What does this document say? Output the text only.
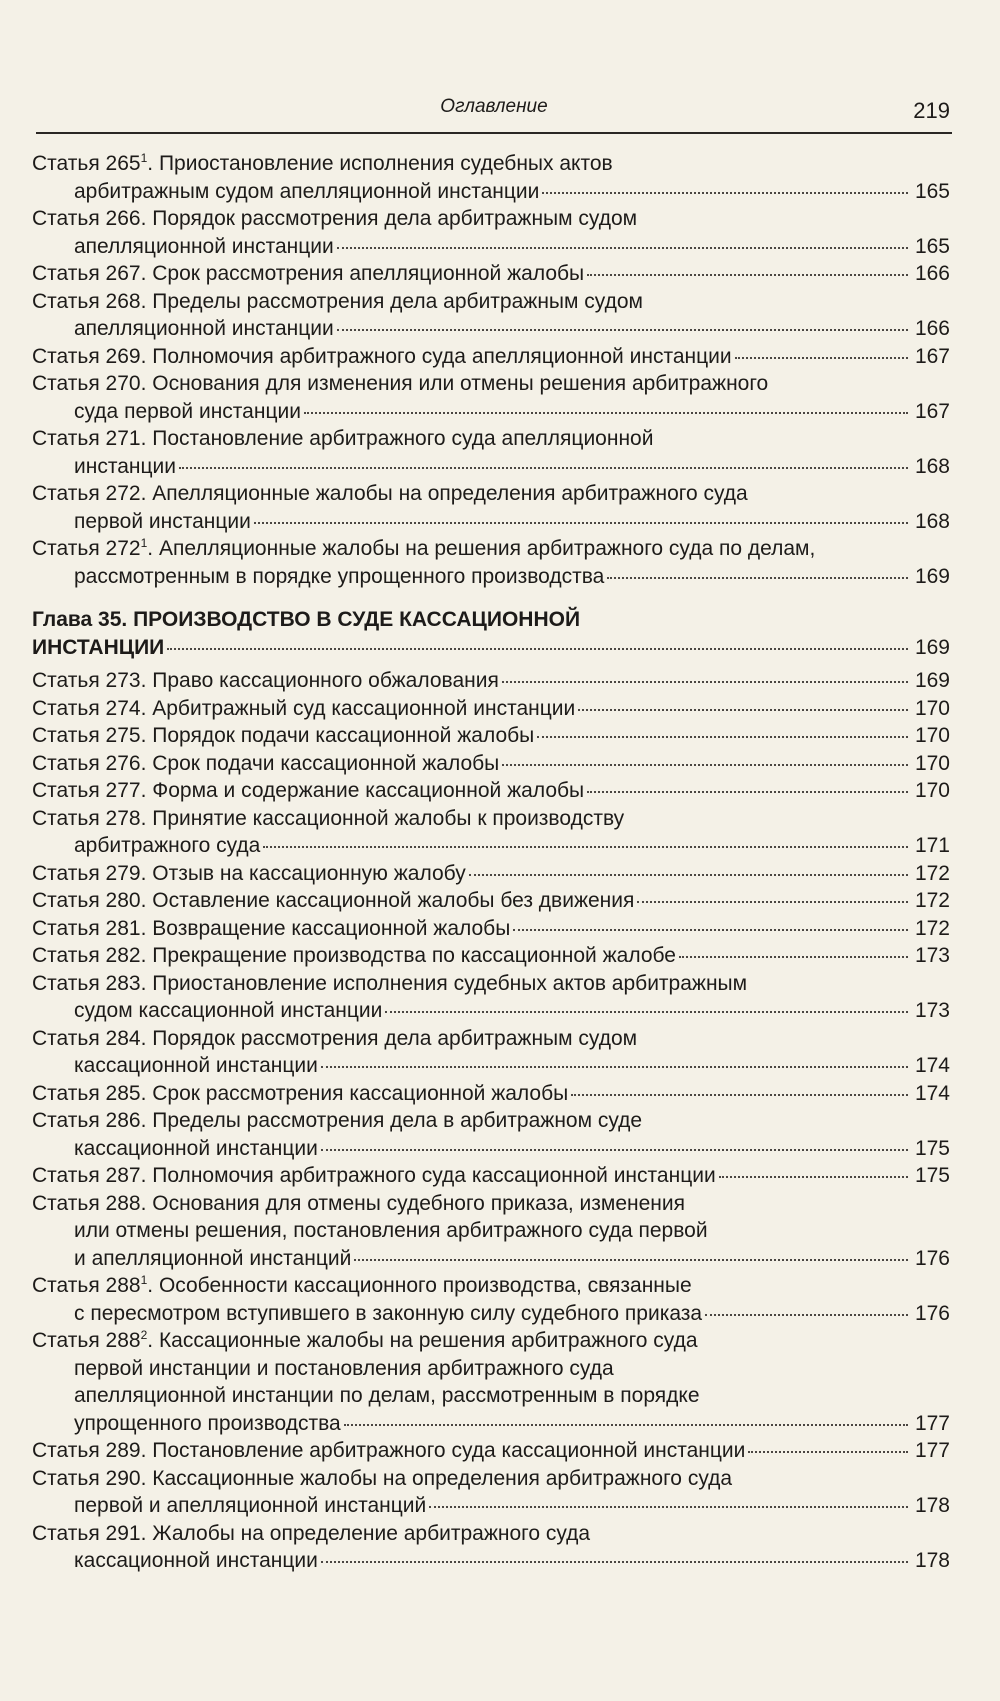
Оглавление	219
Статья $265^1$. Приостановление исполнения судебных актов
арбитражным судом апелляционной инстанции	165
Статья 266. Порядок рассмотрения дела арбитражным судом
апелляционной инстанции	165
Статья 267. Срок рассмотрения апелляционной жалобы	166
Статья 268. Пределы рассмотрения дела арбитражным судом
апелляционной инстанции	166
Статья 269. Полномочия арбитражного суда апелляционной инстанции	167
Статья 270. Основания для изменения или отмены решения арбитражного
суда первой инстанции	167
Статья 271. Постановление арбитражного суда апелляционной
инстанции	168
Статья 272. Апелляционные жалобы на определения арбитражного суда
первой инстанции	168
Статья $272^1$. Апелляционные жалобы на решения арбитражного суда по делам,
рассмотренным в порядке упрощенного производства	169
Глава 35. ПРОИЗВОДСТВО В СУДЕ КАССАЦИОННОЙ
ИНСТАНЦИИ	169
Статья 273. Право кассационного обжалования	169
Статья 274. Арбитражный суд кассационной инстанции	170
Статья 275. Порядок подачи кассационной жалобы	170
Статья 276. Срок подачи кассационной жалобы	170
Статья 277. Форма и содержание кассационной жалобы	170
Статья 278. Принятие кассационной жалобы к производству
арбитражного суда	171
Статья 279. Отзыв на кассационную жалобу	172
Статья 280. Оставление кассационной жалобы без движения	172
Статья 281. Возвращение кассационной жалобы	172
Статья 282. Прекращение производства по кассационной жалобе	173
Статья 283. Приостановление исполнения судебных актов арбитражным
судом кассационной инстанции	173
Статья 284. Порядок рассмотрения дела арбитражным судом
кассационной инстанции	174
Статья 285. Срок рассмотрения кассационной жалобы	174
Статья 286. Пределы рассмотрения дела в арбитражном суде
кассационной инстанции	175
Статья 287. Полномочия арбитражного суда кассационной инстанции	175
Статья 288. Основания для отмены судебного приказа, изменения
или отмены решения, постановления арбитражного суда первой
и апелляционной инстанций	176
Статья $288^1$. Особенности кассационного производства, связанные
с пересмотром вступившего в законную силу судебного приказа	176
Статья $288^2$. Кассационные жалобы на решения арбитражного суда
первой инстанции и постановления арбитражного суда
апелляционной инстанции по делам, рассмотренным в порядке
упрощенного производства	177
Статья 289. Постановление арбитражного суда кассационной инстанции	177
Статья 290. Кассационные жалобы на определения арбитражного суда
первой и апелляционной инстанций	178
Статья 291. Жалобы на определение арбитражного суда
кассационной инстанции	178
